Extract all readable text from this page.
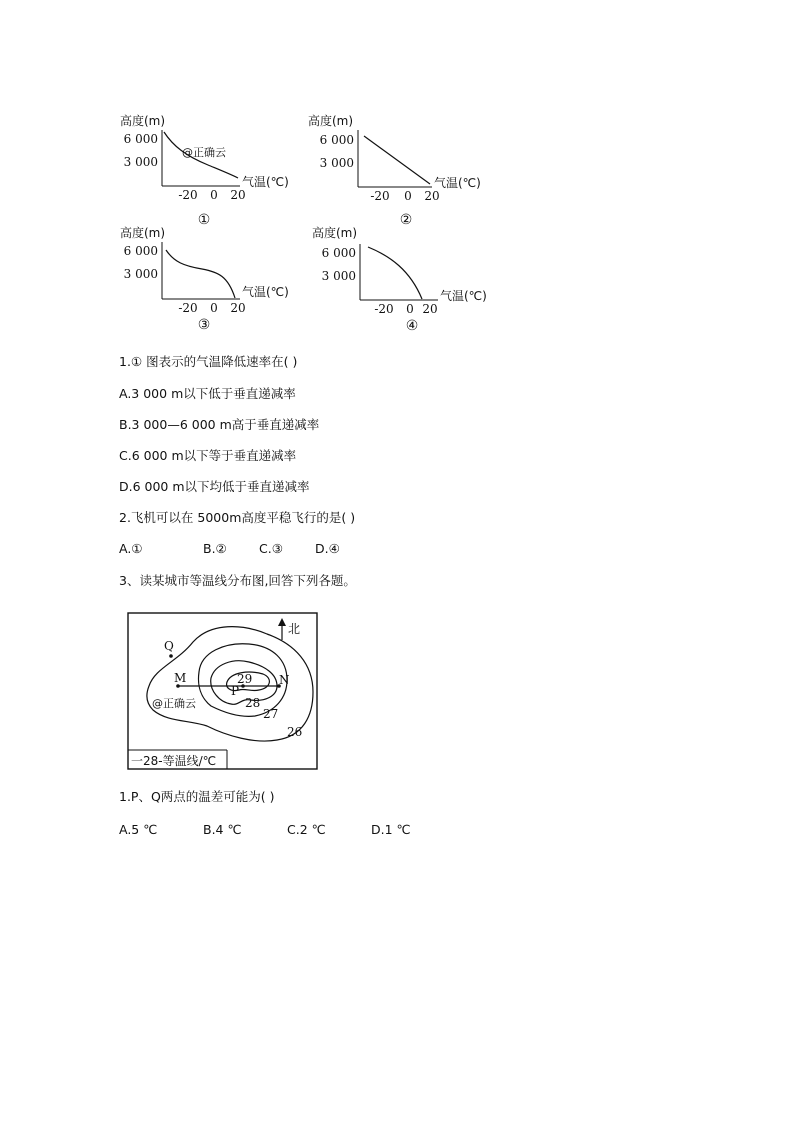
高度(m)
6 000
3 000
@正确云
气温(℃)
-20 0 20
①
高度(m)
6 000
3 000
气温(℃)
-20 0 20
②
高度(m)
6 000
3 000
气温(℃)
-20 0 20
③
高度(m)
6 000
3 000
气温(℃)
-20 0 20
④
1.① 图表示的气温降低速率在( )
A.3 000 m以下低于垂直递减率
B.3 000—6 000 m高于垂直递减率
C.6 000 m以下等于垂直递减率
D.6 000 m以下均低于垂直递减率
2.飞机可以在 5000m高度平稳飞行的是( )
A.①	B.②	C.③	D.④
3、读某城市等温线分布图,回答下列各题。
北
Q
M	N
P
29
28
27
26
@正确云
一28-等温线/℃
1.P、Q两点的温差可能为( )
A.5 ℃	B.4 ℃	C.2 ℃	D.1 ℃
